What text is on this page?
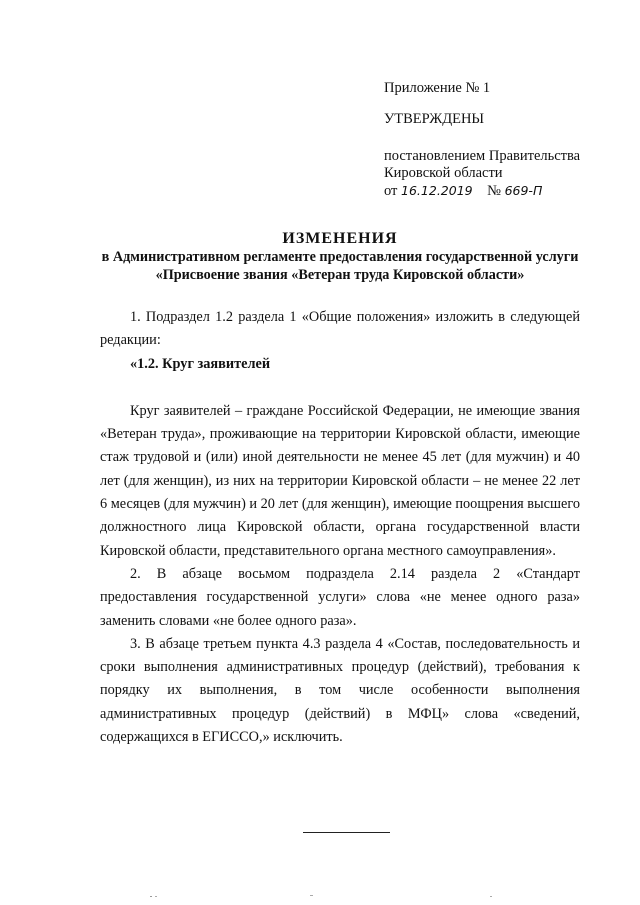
Приложение № 1
УТВЕРЖДЕНЫ
постановлением Правительства
Кировской области
от 16.12.2019 № 669-П
ИЗМЕНЕНИЯ
в Административном регламенте предоставления государственной услуги «Присвоение звания «Ветеран труда Кировской области»

1. Подраздел 1.2 раздела 1 «Общие положения» изложить в следующей редакции:

«1.2. Круг заявителей

Круг заявителей – граждане Российской Федерации, не имеющие звания «Ветеран труда», проживающие на территории Кировской области, имеющие стаж трудовой и (или) иной деятельности не менее 45 лет (для мужчин) и 40 лет (для женщин), из них на территории Кировской области – не менее 22 лет 6 месяцев (для мужчин) и 20 лет (для женщин), имеющие поощрения высшего должностного лица Кировской области, органа государственной власти Кировской области, представительного органа местного самоуправления».

2. В абзаце восьмом подраздела 2.14 раздела 2 «Стандарт предоставления государственной услуги» слова «не менее одного раза» заменить словами «не более одного раза».

3. В абзаце третьем пункта 4.3 раздела 4 «Состав, последовательность и сроки выполнения административных процедур (действий), требования к порядку их выполнения, в том числе особенности выполнения административных процедур (действий) в МФЦ» слова «сведений, содержащихся в ЕГИССО,» исключить.
